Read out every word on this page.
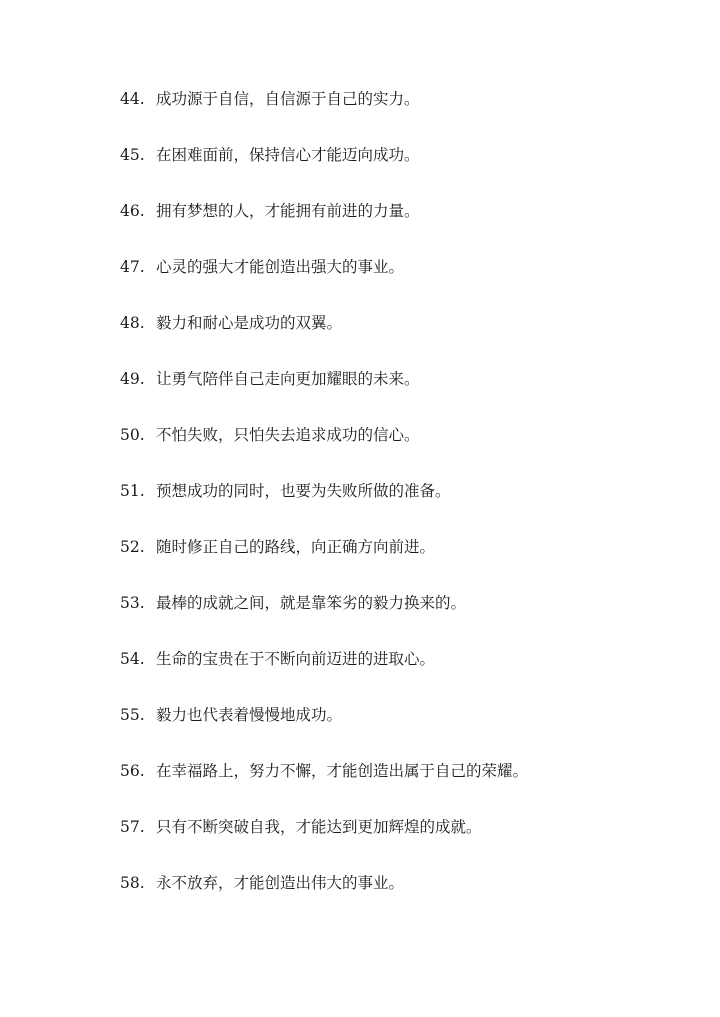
44. 成功源于自信，自信源于自己的实力。
45. 在困难面前，保持信心才能迈向成功。
46. 拥有梦想的人，才能拥有前进的力量。
47. 心灵的强大才能创造出强大的事业。
48. 毅力和耐心是成功的双翼。
49. 让勇气陪伴自己走向更加耀眼的未来。
50. 不怕失败，只怕失去追求成功的信心。
51. 预想成功的同时，也要为失败所做的准备。
52. 随时修正自己的路线，向正确方向前进。
53. 最棒的成就之间，就是靠笨劣的毅力换来的。
54. 生命的宝贵在于不断向前迈进的进取心。
55. 毅力也代表着慢慢地成功。
56. 在幸福路上，努力不懈，才能创造出属于自己的荣耀。
57. 只有不断突破自我，才能达到更加辉煌的成就。
58. 永不放弃，才能创造出伟大的事业。
